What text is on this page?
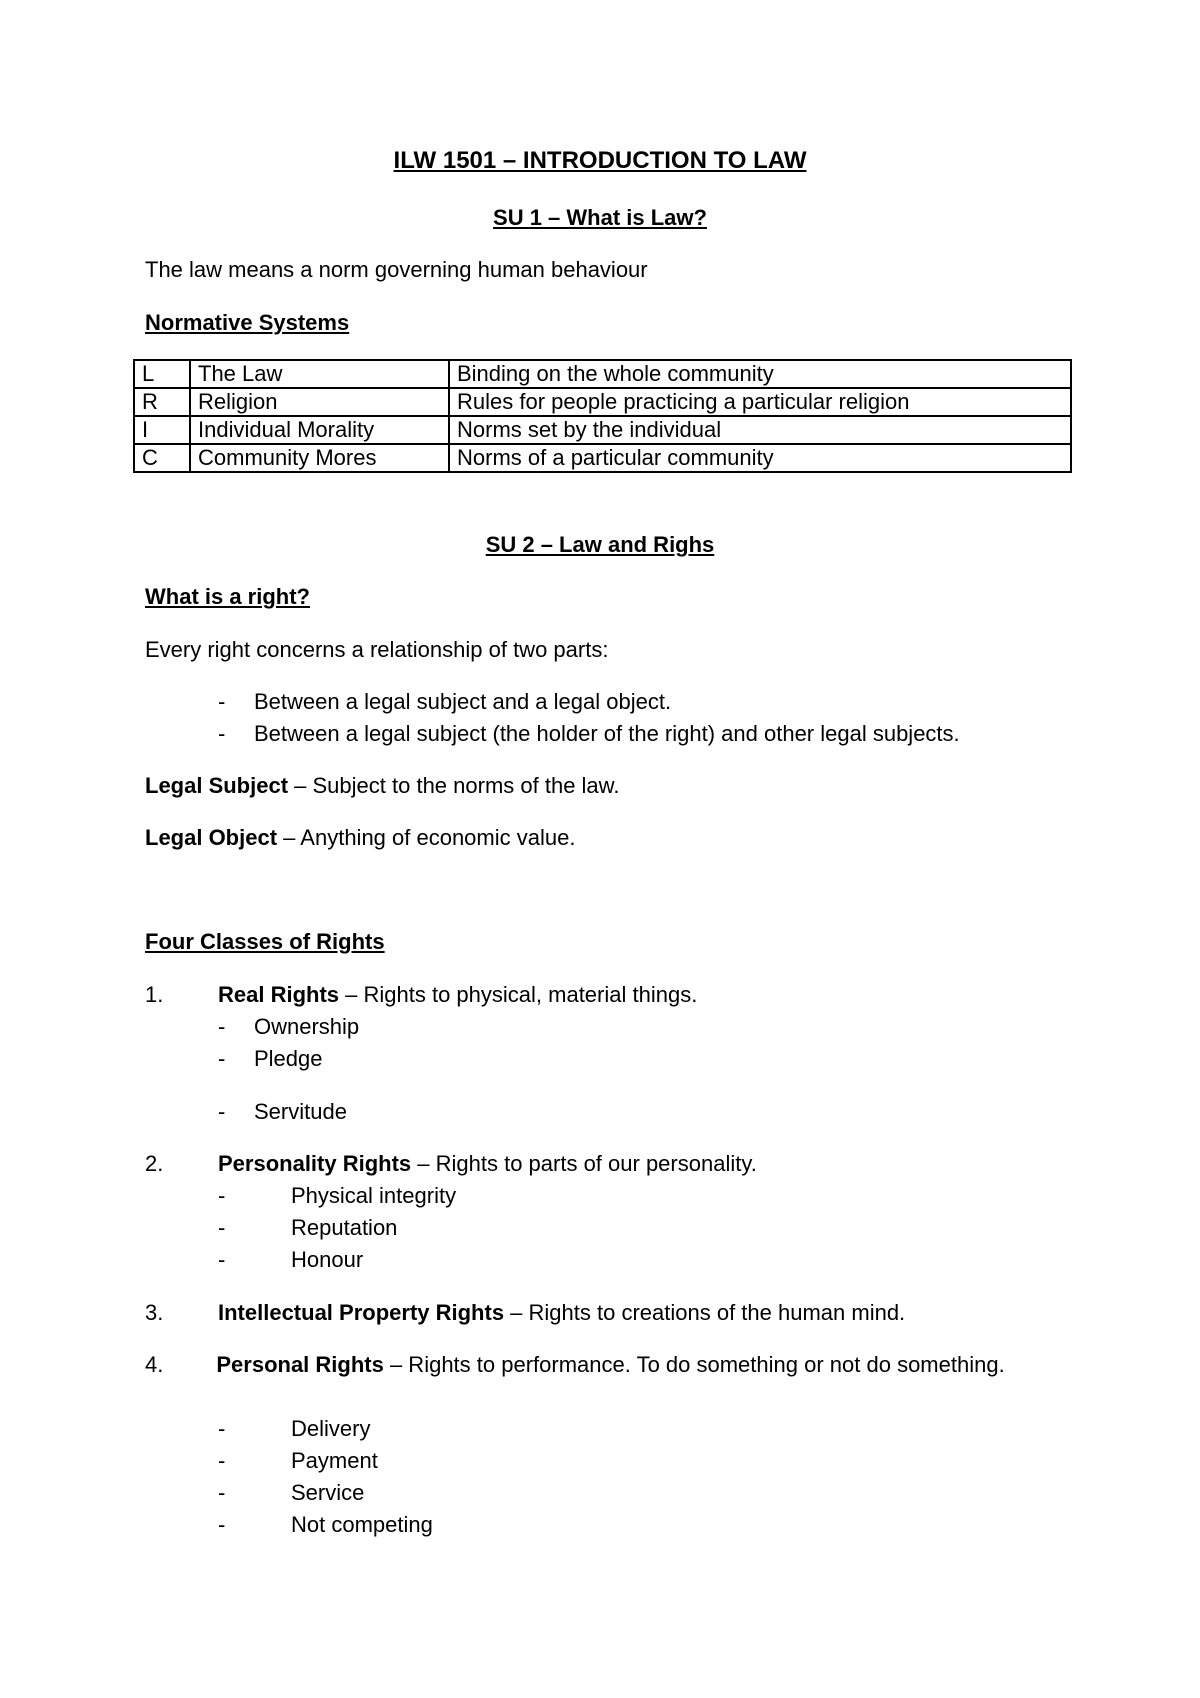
ILW 1501 – INTRODUCTION TO LAW
SU 1 – What is Law?
The law means a norm governing human behaviour
Normative Systems
L	The Law	Binding on the whole community
R	Religion	Rules for people practicing a particular religion
I	Individual Morality	Norms set by the individual
C	Community Mores	Norms of a particular community
SU 2 – Law and Righs
What is a right?
Every right concerns a relationship of two parts:
- Between a legal subject and a legal object.
- Between a legal subject (the holder of the right) and other legal subjects.
Legal Subject – Subject to the norms of the law.
Legal Object – Anything of economic value.
Four Classes of Rights
1. Real Rights – Rights to physical, material things.
- Ownership
- Pledge
- Servitude
2. Personality Rights – Rights to parts of our personality.
-	Physical integrity
-	Reputation
-	Honour
3. Intellectual Property Rights – Rights to creations of the human mind.
4. Personal Rights – Rights to performance. To do something or not do something.
-	Delivery
-	Payment
-	Service
-	Not competing
